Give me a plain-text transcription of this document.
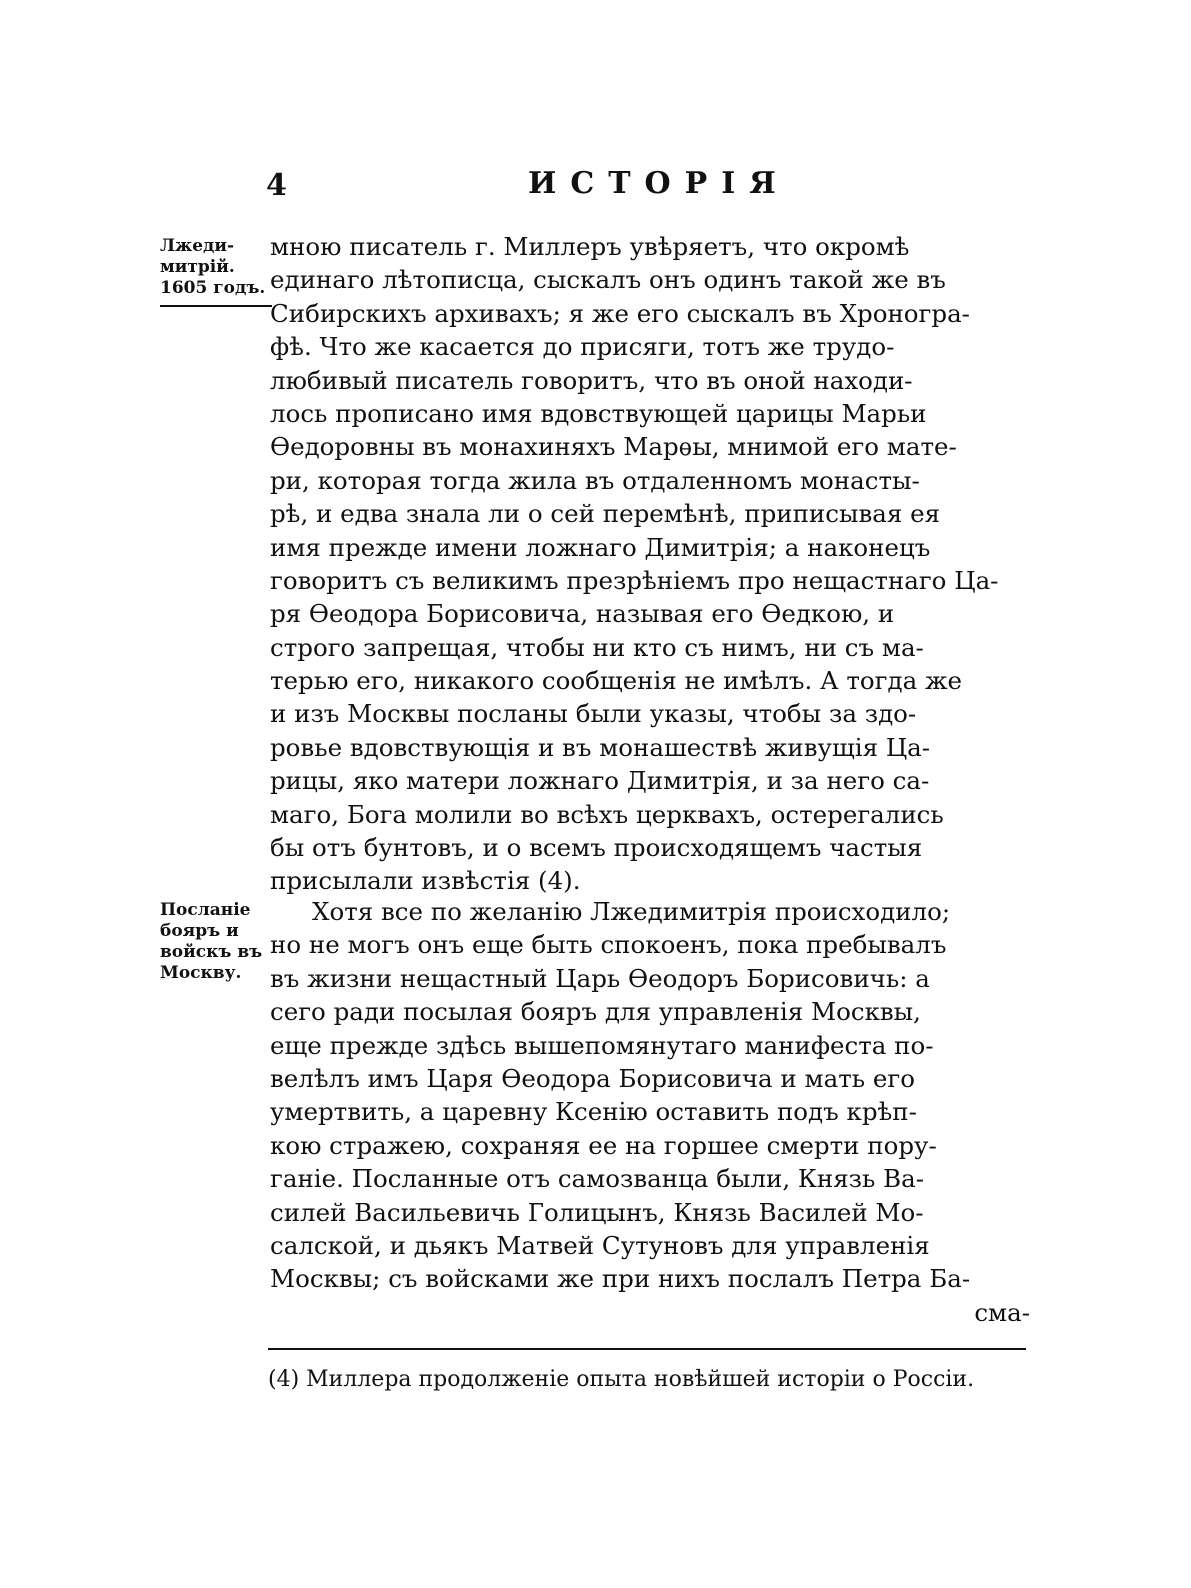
4	ИСТОРІЯ
Лжеди-
митрій.
1605 годъ.
Посланіе
бояръ и
войскъ въ
Москву.
мною писатель г. Миллеръ увѣряетъ, что окромѣ
единаго лѣтописца, сыскалъ онъ одинъ такой же въ
Сибирскихъ архивахъ; я же его сыскалъ въ Хроногра-
фѣ. Что же касается до присяги, тотъ же трудо-
любивый писатель говоритъ, что въ оной находи-
лось прописано имя вдовствующей царицы Марьи
Ѳедоровны въ монахиняхъ Марѳы, мнимой его мате-
ри, которая тогда жила въ отдаленномъ монасты-
рѣ, и едва знала ли о сей перемѣнѣ, приписывая ея
имя прежде имени ложнаго Димитрія; а наконецъ
говоритъ съ великимъ презрѣніемъ про нещастнаго Ца-
ря Ѳеодора Борисовича, называя его Ѳедкою, и
строго запрещая, чтобы ни кто съ нимъ, ни съ ма-
терью его, никакого сообщенія не имѣлъ. А тогда же
и изъ Москвы посланы были указы, чтобы за здо-
ровье вдовствующія и въ монашествѣ живущія Ца-
рицы, яко матери ложнаго Димитрія, и за него са-
маго, Бога молили во всѣхъ церквахъ, остерегались
бы отъ бунтовъ, и о всемъ происходящемъ частыя
присылали извѣстія (4).
Хотя все по желанію Лжедимитрія происходило;
но не могъ онъ еще быть спокоенъ, пока пребывалъ
въ жизни нещастный Царь Ѳеодоръ Борисовичь: а
сего ради посылая бояръ для управленія Москвы,
еще прежде здѣсь вышепомянутаго манифеста по-
велѣлъ имъ Царя Ѳеодора Борисовича и мать его
умертвить, а царевну Ксенію оставить подъ крѣп-
кою стражею, сохраняя ее на горшее смерти пору-
ганіе. Посланные отъ самозванца были, Князь Ва-
силей Васильевичь Голицынъ, Князь Василей Мо-
салской, и дьякъ Матвей Сутуновъ для управленія
Москвы; съ войсками же при нихъ послалъ Петра Ба-
сма-
(4) Миллера продолженіе опыта новѣйшей исторіи о Россіи.
